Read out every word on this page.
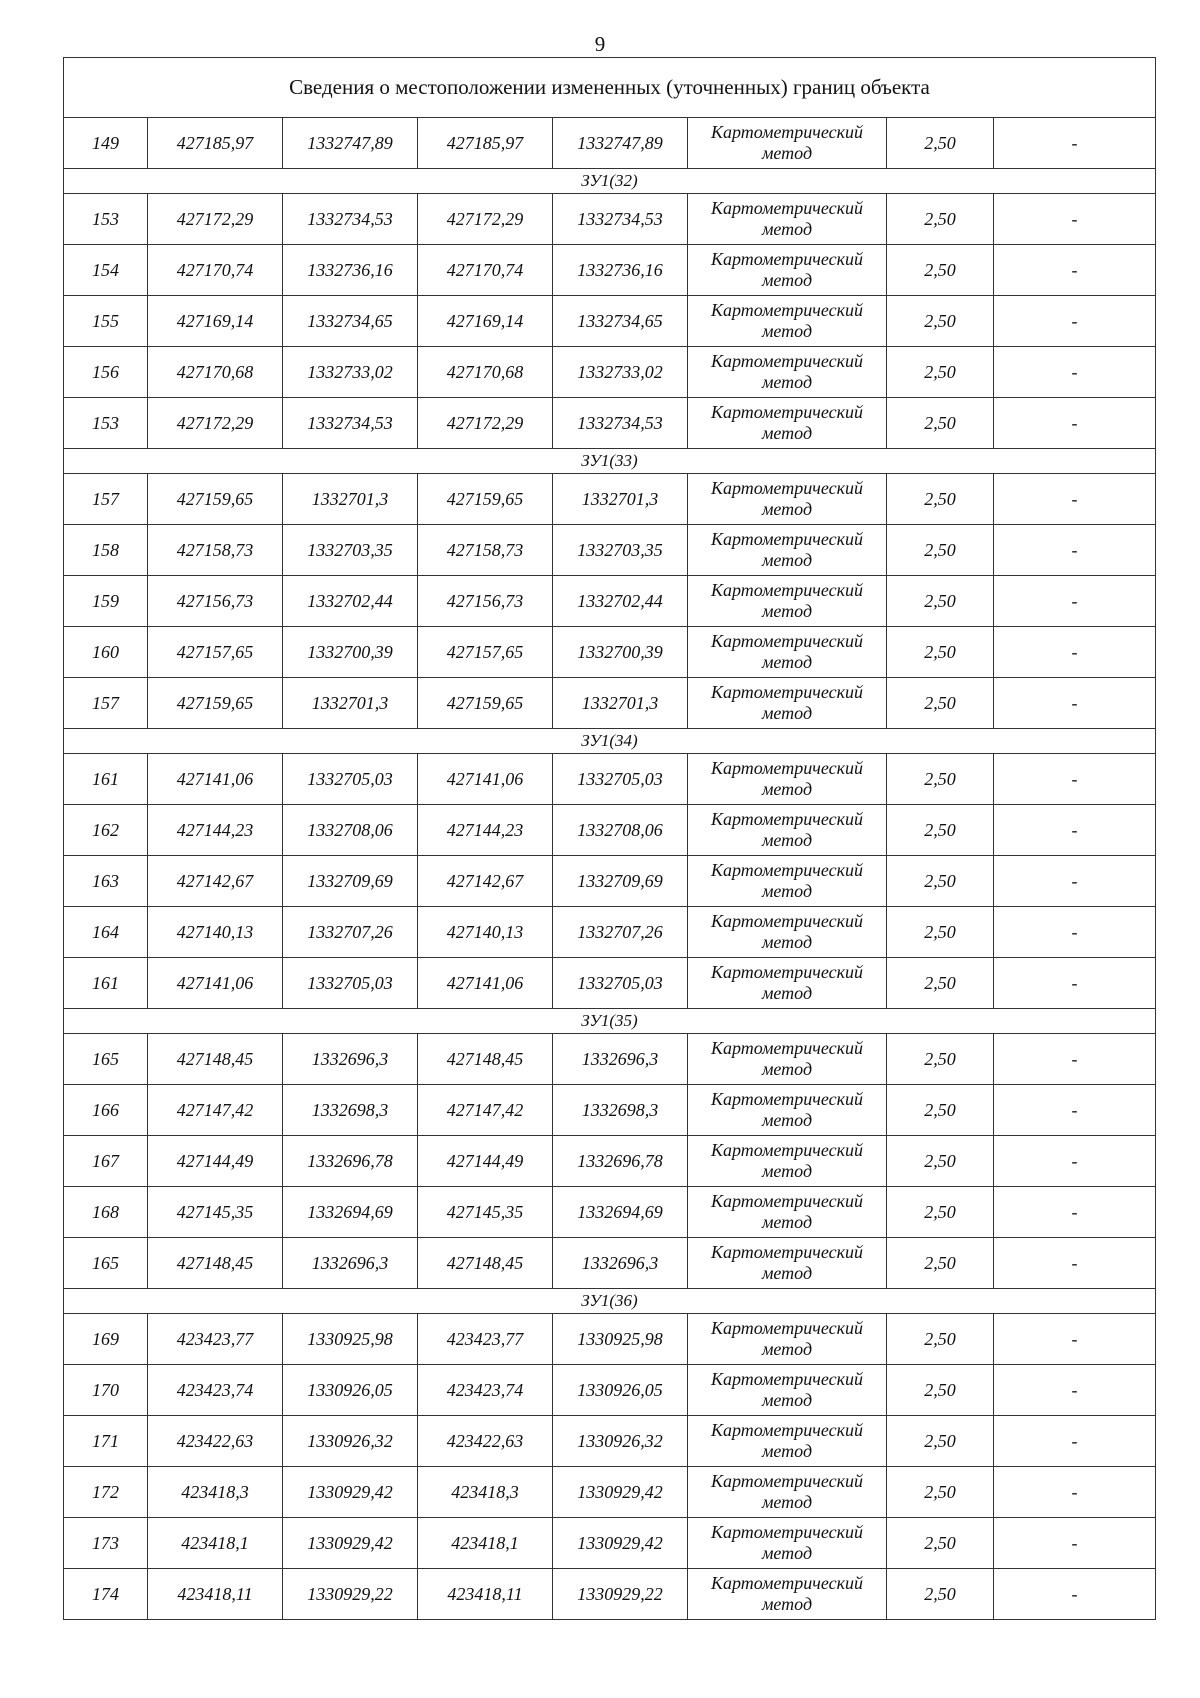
9
Сведения о местоположении измененных (уточненных) границ объекта							
149	427185,97	1332747,89	427185,97	1332747,89	Картометрический
метод	2,50	-
ЗУ1(32)							
153	427172,29	1332734,53	427172,29	1332734,53	Картометрический
метод	2,50	-
154	427170,74	1332736,16	427170,74	1332736,16	Картометрический
метод	2,50	-
155	427169,14	1332734,65	427169,14	1332734,65	Картометрический
метод	2,50	-
156	427170,68	1332733,02	427170,68	1332733,02	Картометрический
метод	2,50	-
153	427172,29	1332734,53	427172,29	1332734,53	Картометрический
метод	2,50	-
ЗУ1(33)							
157	427159,65	1332701,3	427159,65	1332701,3	Картометрический
метод	2,50	-
158	427158,73	1332703,35	427158,73	1332703,35	Картометрический
метод	2,50	-
159	427156,73	1332702,44	427156,73	1332702,44	Картометрический
метод	2,50	-
160	427157,65	1332700,39	427157,65	1332700,39	Картометрический
метод	2,50	-
157	427159,65	1332701,3	427159,65	1332701,3	Картометрический
метод	2,50	-
ЗУ1(34)							
161	427141,06	1332705,03	427141,06	1332705,03	Картометрический
метод	2,50	-
162	427144,23	1332708,06	427144,23	1332708,06	Картометрический
метод	2,50	-
163	427142,67	1332709,69	427142,67	1332709,69	Картометрический
метод	2,50	-
164	427140,13	1332707,26	427140,13	1332707,26	Картометрический
метод	2,50	-
161	427141,06	1332705,03	427141,06	1332705,03	Картометрический
метод	2,50	-
ЗУ1(35)							
165	427148,45	1332696,3	427148,45	1332696,3	Картометрический
метод	2,50	-
166	427147,42	1332698,3	427147,42	1332698,3	Картометрический
метод	2,50	-
167	427144,49	1332696,78	427144,49	1332696,78	Картометрический
метод	2,50	-
168	427145,35	1332694,69	427145,35	1332694,69	Картометрический
метод	2,50	-
165	427148,45	1332696,3	427148,45	1332696,3	Картометрический
метод	2,50	-
ЗУ1(36)							
169	423423,77	1330925,98	423423,77	1330925,98	Картометрический
метод	2,50	-
170	423423,74	1330926,05	423423,74	1330926,05	Картометрический
метод	2,50	-
171	423422,63	1330926,32	423422,63	1330926,32	Картометрический
метод	2,50	-
172	423418,3	1330929,42	423418,3	1330929,42	Картометрический
метод	2,50	-
173	423418,1	1330929,42	423418,1	1330929,42	Картометрический
метод	2,50	-
174	423418,11	1330929,22	423418,11	1330929,22	Картометрический
метод	2,50	-
